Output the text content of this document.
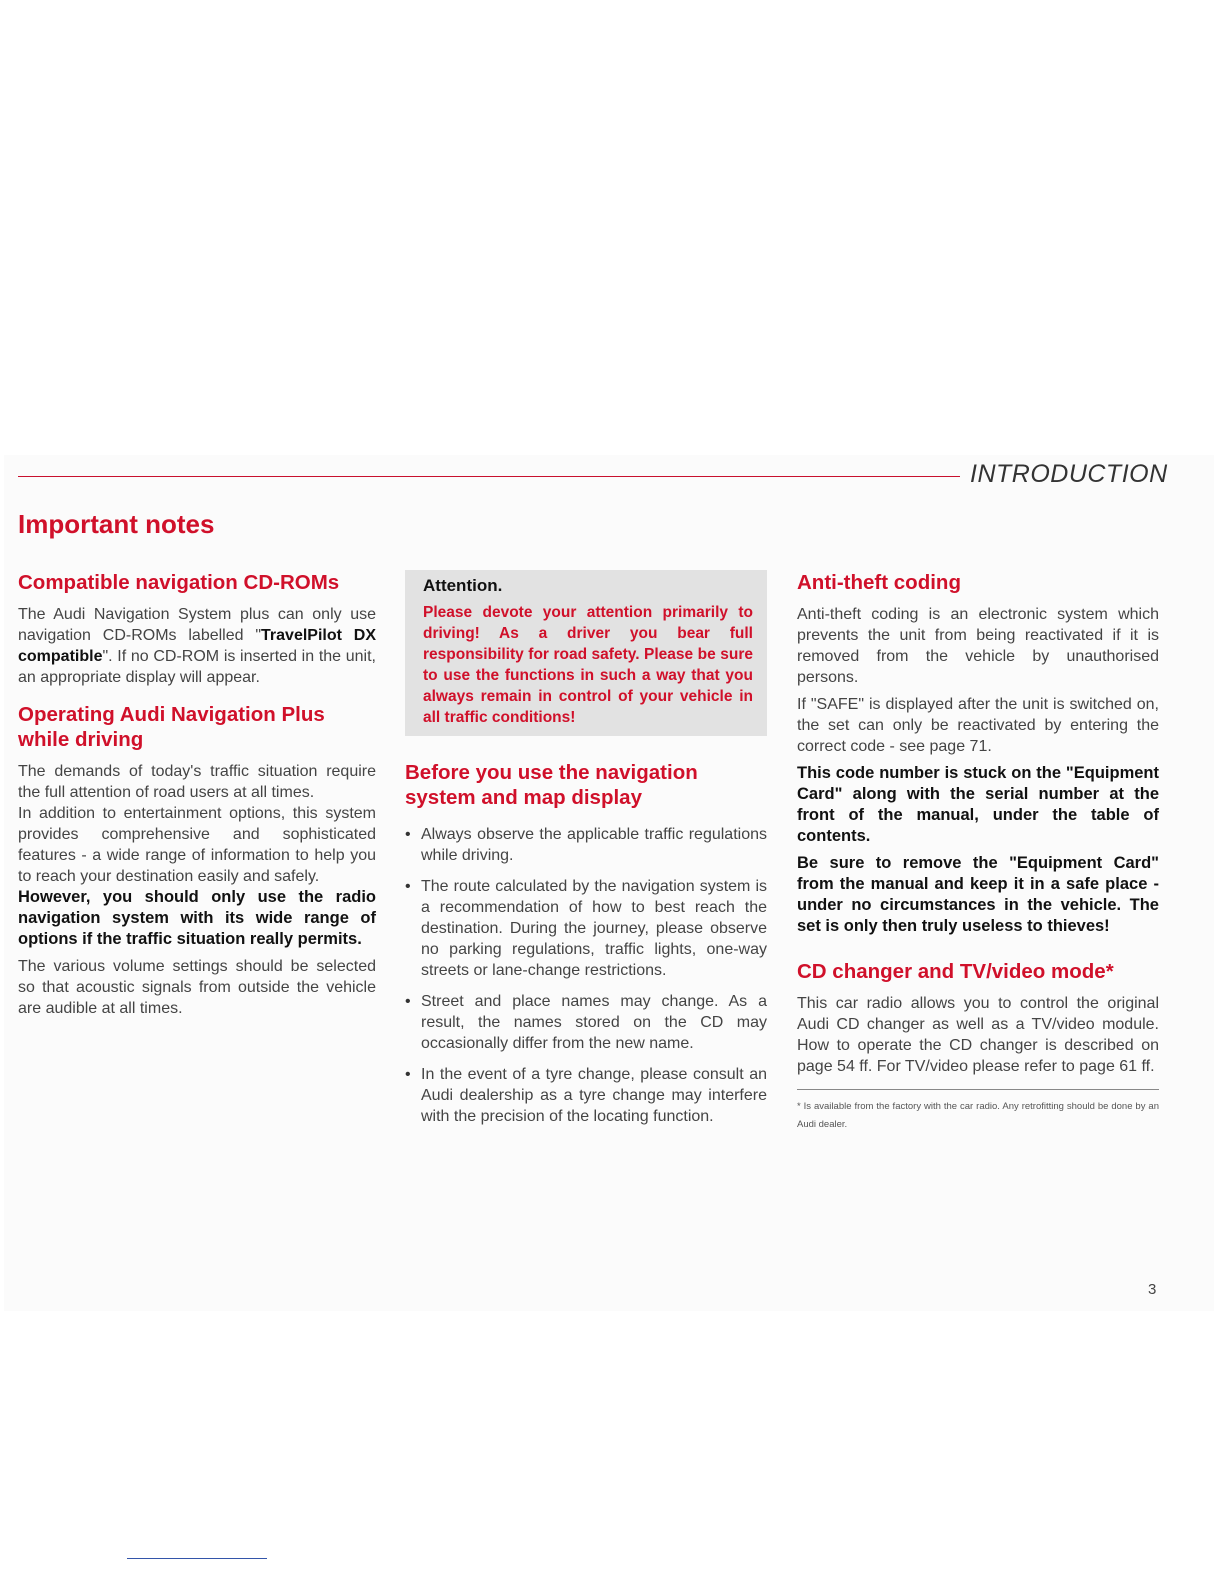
INTRODUCTION
Important notes
Compatible navigation CD-ROMs

The Audi Navigation System plus can only use navigation CD-ROMs labelled "TravelPilot DX compatible". If no CD-ROM is inserted in the unit, an appropriate display will appear.

Operating Audi Navigation Plus while driving

The demands of today's traffic situation require the full attention of road users at all times.

In addition to entertainment options, this system provides comprehensive and sophisticated features - a wide range of information to help you to reach your destination easily and safely.

However, you should only use the radio navigation system with its wide range of options if the traffic situation really permits.

The various volume settings should be selected so that acoustic signals from outside the vehicle are audible at all times.

Attention.

Please devote your attention primarily to driving! As a driver you bear full responsibility for road safety. Please be sure to use the functions in such a way that you always remain in control of your vehicle in all traffic conditions!

Before you use the navigation system and map display
• Always observe the applicable traffic regulations while driving.

• The route calculated by the navigation system is a recommendation of how to best reach the destination. During the journey, please observe no parking regulations, traffic lights, one-way streets or lane-change restrictions.

• Street and place names may change. As a result, the names stored on the CD may occasionally differ from the new name.

• In the event of a tyre change, please consult an Audi dealership as a tyre change may interfere with the precision of the locating function.

Anti-theft coding

Anti-theft coding is an electronic system which prevents the unit from being reactivated if it is removed from the vehicle by unauthorised persons.

If "SAFE" is displayed after the unit is switched on, the set can only be reactivated by entering the correct code - see page 71.

This code number is stuck on the "Equipment Card" along with the serial number at the front of the manual, under the table of contents.

Be sure to remove the "Equipment Card" from the manual and keep it in a safe place - under no circumstances in the vehicle. The set is only then truly useless to thieves!

CD changer and TV/video mode*

This car radio allows you to control the original Audi CD changer as well as a TV/video module. How to operate the CD changer is described on page 54 ff. For TV/video please refer to page 61 ff.

* Is available from the factory with the car radio. Any retrofitting should be done by an Audi dealer.

3
